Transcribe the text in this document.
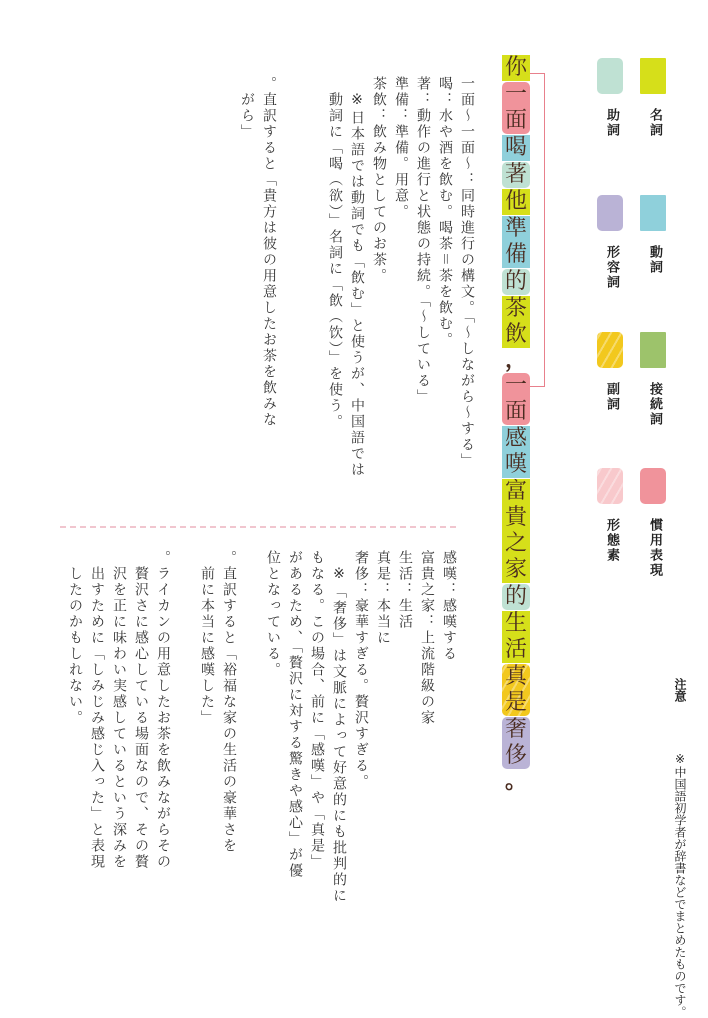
名詞
助詞
動詞
形容詞
接続詞
副詞
慣用表現
形態素
你
一
面
喝
著
他
準
備
的
茶
飲
，
一
面
感
嘆
富
貴
之
家
的
生
活
真
是
奢
侈
。
一面～一面～：同時進行の構文。「～しながら～する」
喝：水や酒を飲む。喝茶＝茶を飲む。
著：動作の進行と状態の持続。「～している」
準備：準備。用意。
茶飲：飲み物としてのお茶。
　※日本語では動詞でも「飲む」と使うが、中国語では
　動詞に「喝（欲）」名詞に「飲（饮）」を使う。
。直訳すると「貴方は彼の用意したお茶を飲みな
　がら」
感嘆：感嘆する
富貴之家：上流階級の家
生活：生活
真是：本当に
奢侈：豪華すぎる。贅沢すぎる。
　※「奢侈」は文脈によって好意的にも批判的に
もなる。この場合、前に「感嘆」や「真是」
があるため、「贅沢に対する驚きや感心」が優
位となっている。
。直訳すると「裕福な家の生活の豪華さを
　前に本当に感嘆した」
。ライカンの用意したお茶を飲みながらその
　贅沢さに感心している場面なので、その贅
　沢を正に味わい実感しているという深みを
　出すために「しみじみ感じ入った」と表現
　したのかもしれない。	注意  ※中国語初学者が辞書などでまとめたものです。
